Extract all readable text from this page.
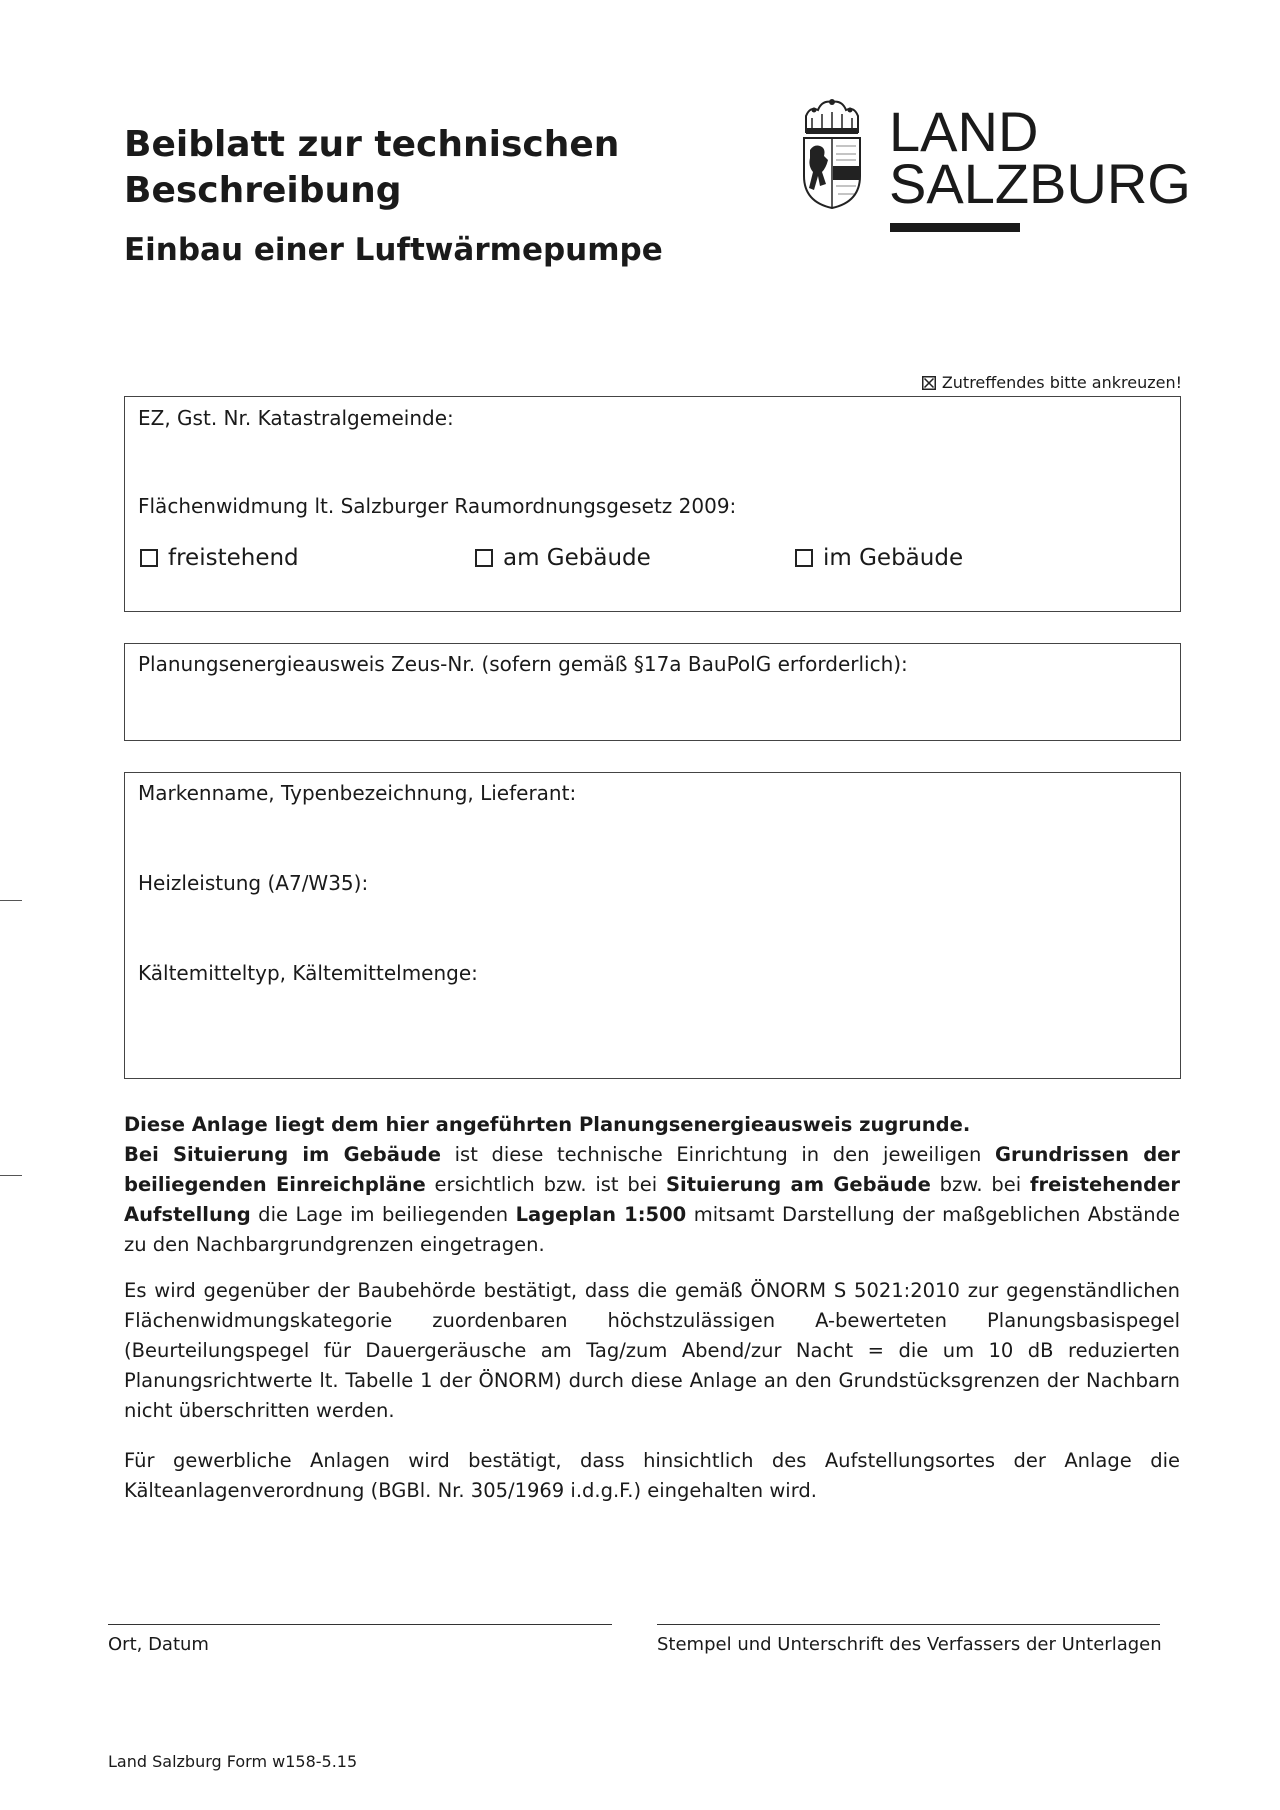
Beiblatt zur technischen
Beschreibung
Einbau einer Luftwärmepumpe
LAND
SALZBURG
Zutreffendes bitte ankreuzen!
EZ, Gst. Nr. Katastralgemeinde:
Flächenwidmung lt. Salzburger Raumordnungsgesetz 2009:
freistehend	am Gebäude	im Gebäude
Planungsenergieausweis Zeus-Nr. (sofern gemäß §17a BauPolG erforderlich):
Markenname, Typenbezeichnung, Lieferant:
Heizleistung (A7/W35):
Kältemitteltyp, Kältemittelmenge:

Diese Anlage liegt dem hier angeführten Planungsenergieausweis zugrunde.
Bei Situierung im Gebäude ist diese technische Einrichtung in den jeweiligen Grundrissen der beiliegenden Einreichpläne ersichtlich bzw. ist bei Situierung am Gebäude bzw. bei freistehender Aufstellung die Lage im beiliegenden Lageplan 1:500 mitsamt Darstellung der maßgeblichen Abstände zu den Nachbargrundgrenzen eingetragen.

Es wird gegenüber der Baubehörde bestätigt, dass die gemäß ÖNORM S 5021:2010 zur gegenständlichen Flächenwidmungskategorie zuordenbaren höchstzulässigen A-bewerteten Planungsbasispegel (Beurteilungspegel für Dauergeräusche am Tag/zum Abend/zur Nacht = die um 10 dB reduzierten Planungsrichtwerte lt. Tabelle 1 der ÖNORM) durch diese Anlage an den Grundstücksgrenzen der Nachbarn nicht überschritten werden.

Für gewerbliche Anlagen wird bestätigt, dass hinsichtlich des Aufstellungsortes der Anlage die Kälteanlagenverordnung (BGBl. Nr. 305/1969 i.d.g.F.) eingehalten wird.

Ort, Datum	Stempel und Unterschrift des Verfassers der Unterlagen
Land Salzburg Form w158-5.15
